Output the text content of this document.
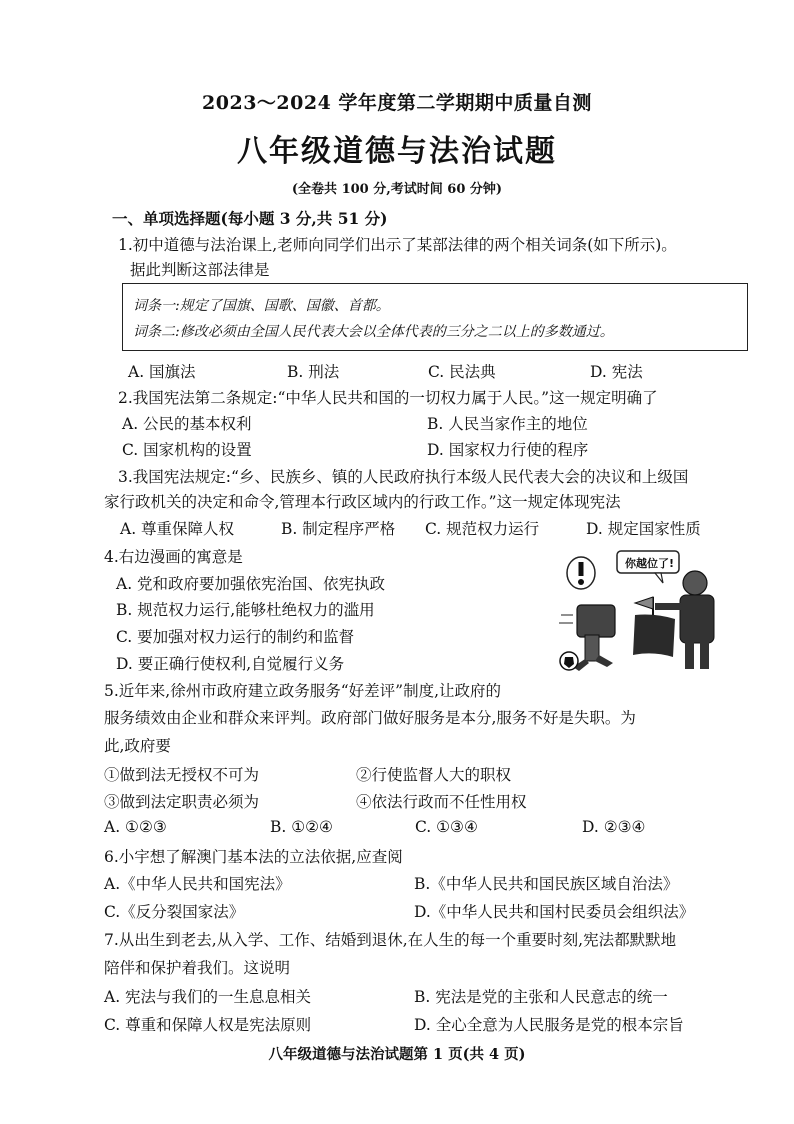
2023～2024 学年度第二学期期中质量自测
八年级道德与法治试题
(全卷共 100 分,考试时间 60 分钟)
一、单项选择题(每小题 3 分,共 51 分)
1.初中道德与法治课上,老师向同学们出示了某部法律的两个相关词条(如下所示)。
据此判断这部法律是
词条一:规定了国旗、国歌、国徽、首都。
词条二:修改必须由全国人民代表大会以全体代表的三分之二以上的多数通过。
A. 国旗法	B. 刑法	C. 民法典	D. 宪法
2.我国宪法第二条规定:“中华人民共和国的一切权力属于人民。”这一规定明确了
A. 公民的基本权利	B. 人民当家作主的地位
C. 国家机构的设置	D. 国家权力行使的程序
3.我国宪法规定:“乡、民族乡、镇的人民政府执行本级人民代表大会的决议和上级国
家行政机关的决定和命令,管理本行政区域内的行政工作。”这一规定体现宪法
A. 尊重保障人权	B. 制定程序严格 C. 规范权力运行	D. 规定国家性质
4.右边漫画的寓意是
A. 党和政府要加强依宪治国、依宪执政
B. 规范权力运行,能够杜绝权力的滥用
C. 要加强对权力运行的制约和监督
D. 要正确行使权利,自觉履行义务
你越位了!
5.近年来,徐州市政府建立政务服务“好差评”制度,让政府的
服务绩效由企业和群众来评判。政府部门做好服务是本分,服务不好是失职。为
此,政府要
①做到法无授权不可为	②行使监督人大的职权
③做到法定职责必须为	④依法行政而不任性用权
A. ①②③	B. ①②④	C. ①③④	D. ②③④
6.小宇想了解澳门基本法的立法依据,应查阅
A.《中华人民共和国宪法》	B.《中华人民共和国民族区域自治法》
C.《反分裂国家法》	D.《中华人民共和国村民委员会组织法》
7.从出生到老去,从入学、工作、结婚到退休,在人生的每一个重要时刻,宪法都默默地
陪伴和保护着我们。这说明
A. 宪法与我们的一生息息相关	B. 宪法是党的主张和人民意志的统一
C. 尊重和保障人权是宪法原则	D. 全心全意为人民服务是党的根本宗旨
八年级道德与法治试题第 1 页(共 4 页)
